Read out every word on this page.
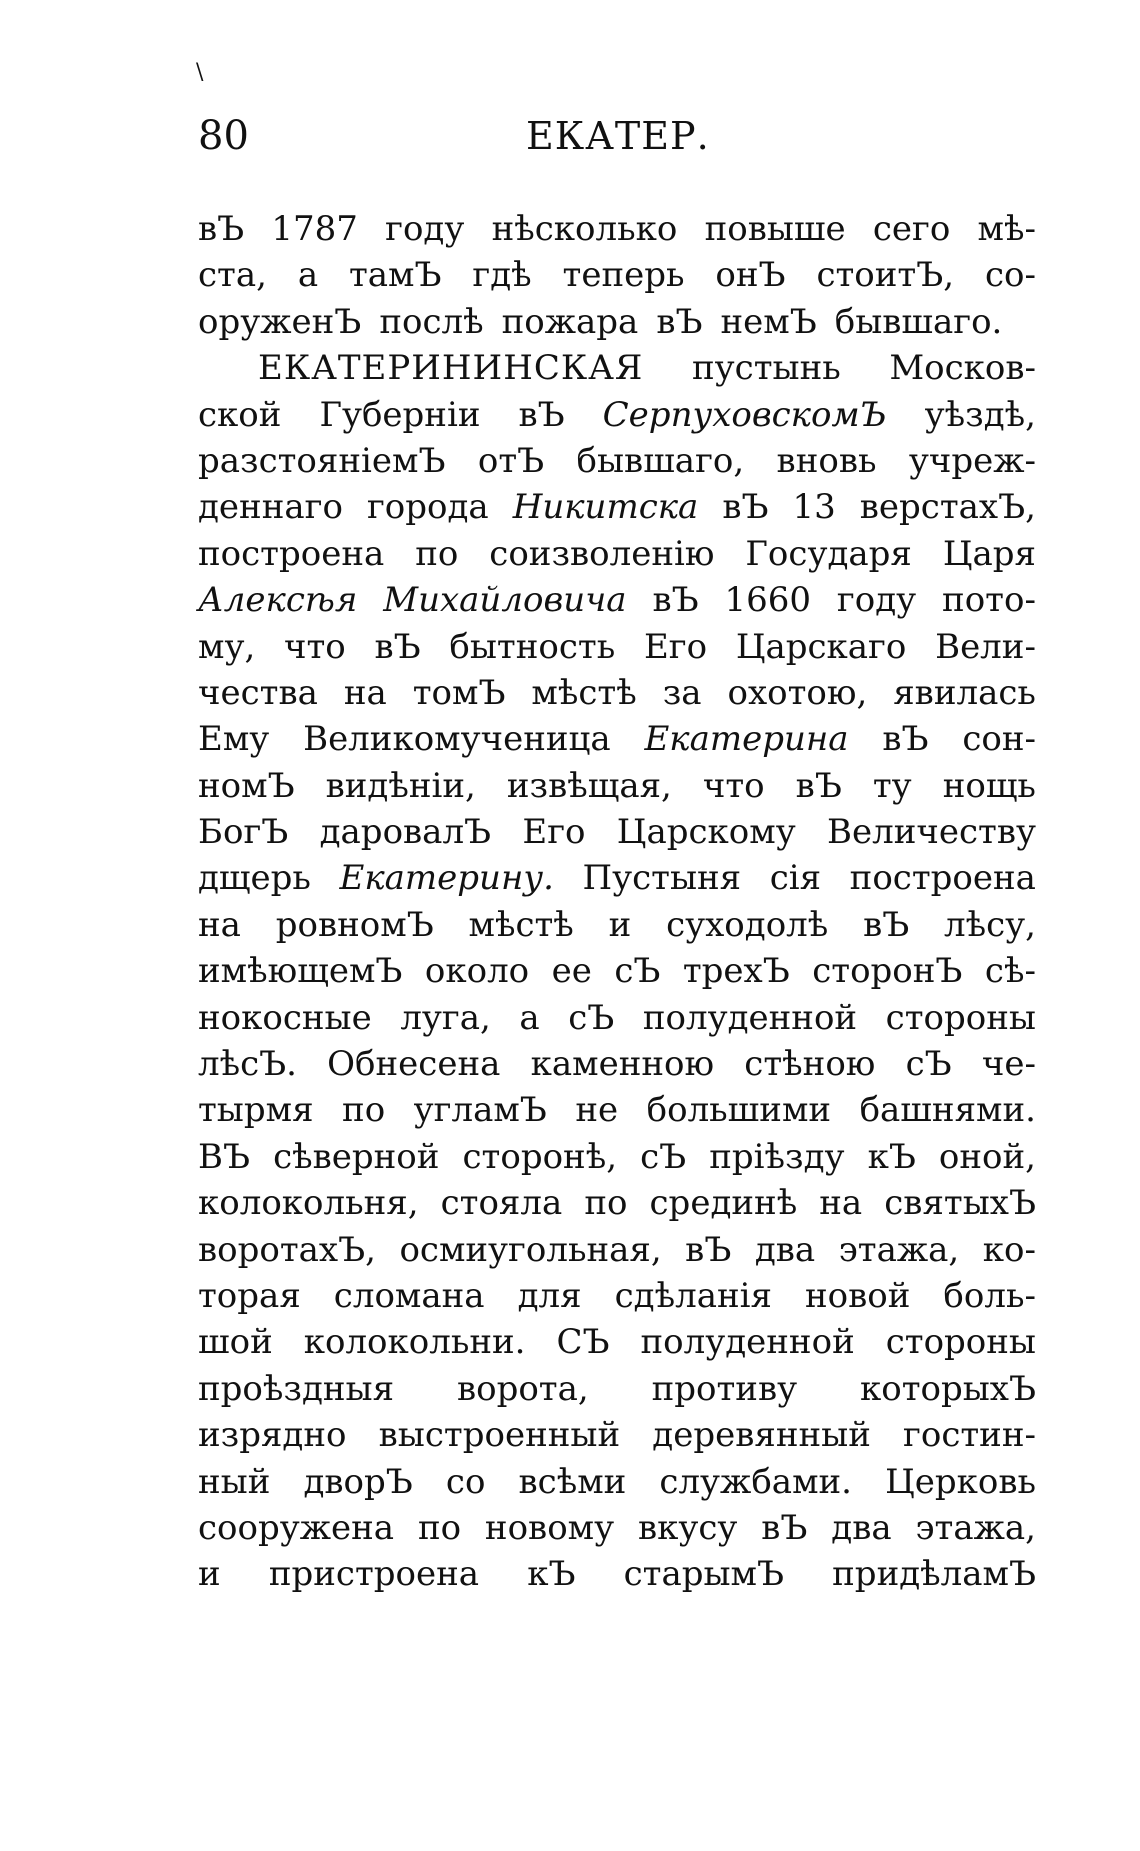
\
80	ЕКАТЕР.
вЪ 1787 году нѣсколько повыше сего мѣ-
ста, а тамЪ гдѣ теперь онЪ стоитЪ, со-
оруженЪ послѣ пожара вЪ немЪ бывшаго.
ЕКАТЕРИНИНСКАЯ пустынь Москов-
ской Губернiи вЪ СерпуховскомЪ уѣздѣ,
разстоянiемЪ отЪ бывшаго, вновь учреж-
деннаго города Никитска вЪ 13 верстахЪ,
построена по соизволенiю Государя Царя
Алексѣя Михайловича вЪ 1660 году пото-
му, что вЪ бытность Его Царскаго Вели-
чества на томЪ мѣстѣ за охотою, явилась
Ему Великомученица Екатерина вЪ сон-
номЪ видѣнiи, извѣщая, что вЪ ту нощь
БогЪ даровалЪ Его Царскому Величеству
дщерь Екатерину. Пустыня сiя построена
на ровномЪ мѣстѣ и суходолѣ вЪ лѣсу,
имѣющемЪ около ее сЪ трехЪ сторонЪ сѣ-
нокосные луга, а сЪ полуденной стороны
лѣсЪ. Обнесена каменною стѣною сЪ че-
тырмя по угламЪ не большими башнями.
ВЪ сѣверной сторонѣ, сЪ прiѣзду кЪ оной,
колокольня, стояла по срединѣ на святыхЪ
воротахЪ, осмиугольная, вЪ два этажа, ко-
торая сломана для сдѣланiя новой боль-
шой колокольни. СЪ полуденной стороны
проѣздныя ворота, противу которыхЪ
изрядно выстроенный деревянный гостин-
ный дворЪ со всѣми службами. Церковь
сооружена по новому вкусу вЪ два этажа,
и пристроена кЪ старымЪ придѣламЪ
